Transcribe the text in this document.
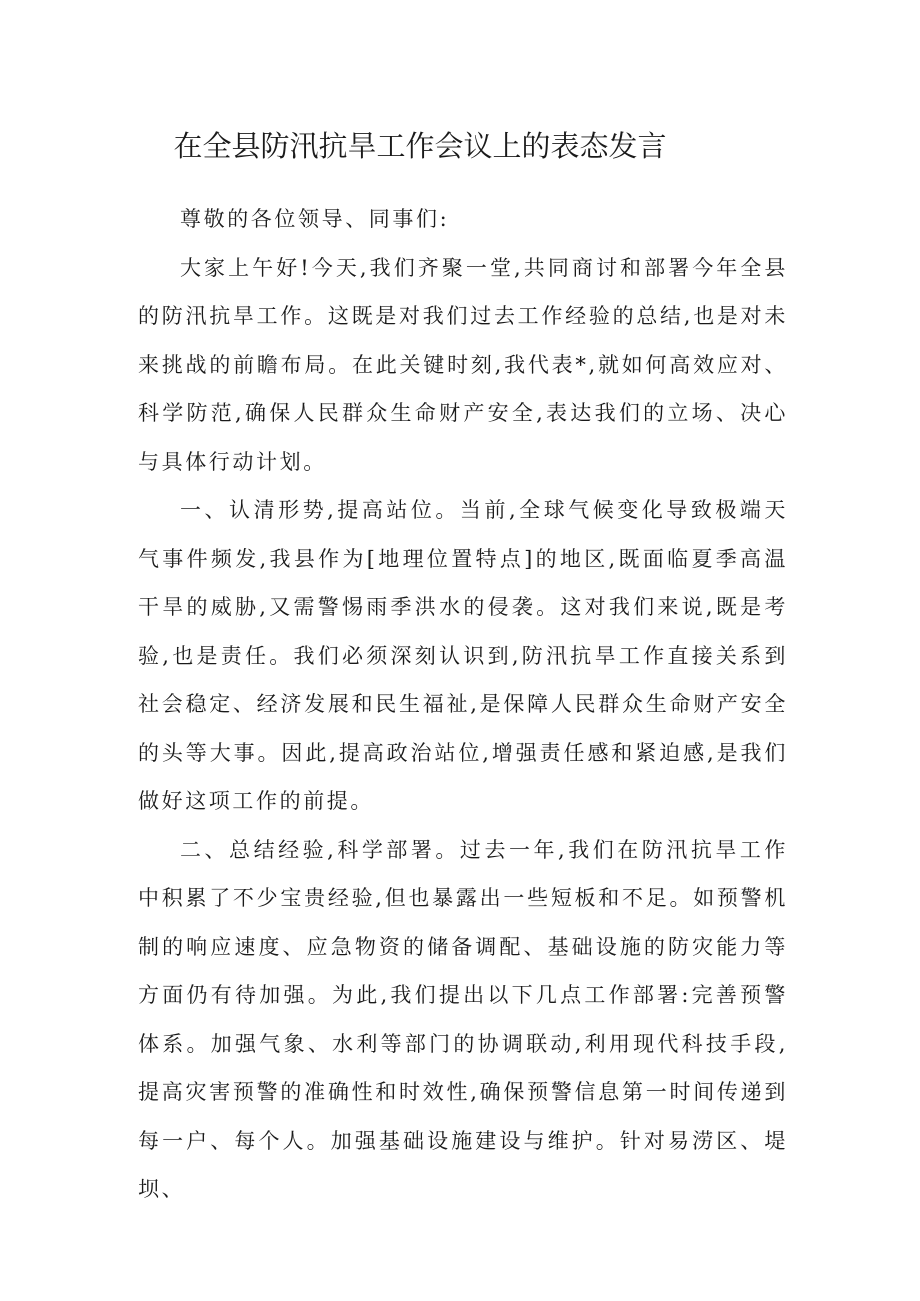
在全县防汛抗旱工作会议上的表态发言

尊敬的各位领导、同事们:

大家上午好!今天,我们齐聚一堂,共同商讨和部署今年全县的防汛抗旱工作。这既是对我们过去工作经验的总结,也是对未来挑战的前瞻布局。在此关键时刻,我代表*,就如何高效应对、科学防范,确保人民群众生命财产安全,表达我们的立场、决心与具体行动计划。

一、认清形势,提高站位。当前,全球气候变化导致极端天气事件频发,我县作为[地理位置特点]的地区,既面临夏季高温干旱的威胁,又需警惕雨季洪水的侵袭。这对我们来说,既是考验,也是责任。我们必须深刻认识到,防汛抗旱工作直接关系到社会稳定、经济发展和民生福祉,是保障人民群众生命财产安全的头等大事。因此,提高政治站位,增强责任感和紧迫感,是我们做好这项工作的前提。

二、总结经验,科学部署。过去一年,我们在防汛抗旱工作中积累了不少宝贵经验,但也暴露出一些短板和不足。如预警机制的响应速度、应急物资的储备调配、基础设施的防灾能力等方面仍有待加强。为此,我们提出以下几点工作部署:完善预警体系。加强气象、水利等部门的协调联动,利用现代科技手段,提高灾害预警的准确性和时效性,确保预警信息第一时间传递到每一户、每个人。加强基础设施建设与维护。针对易涝区、堤坝、
